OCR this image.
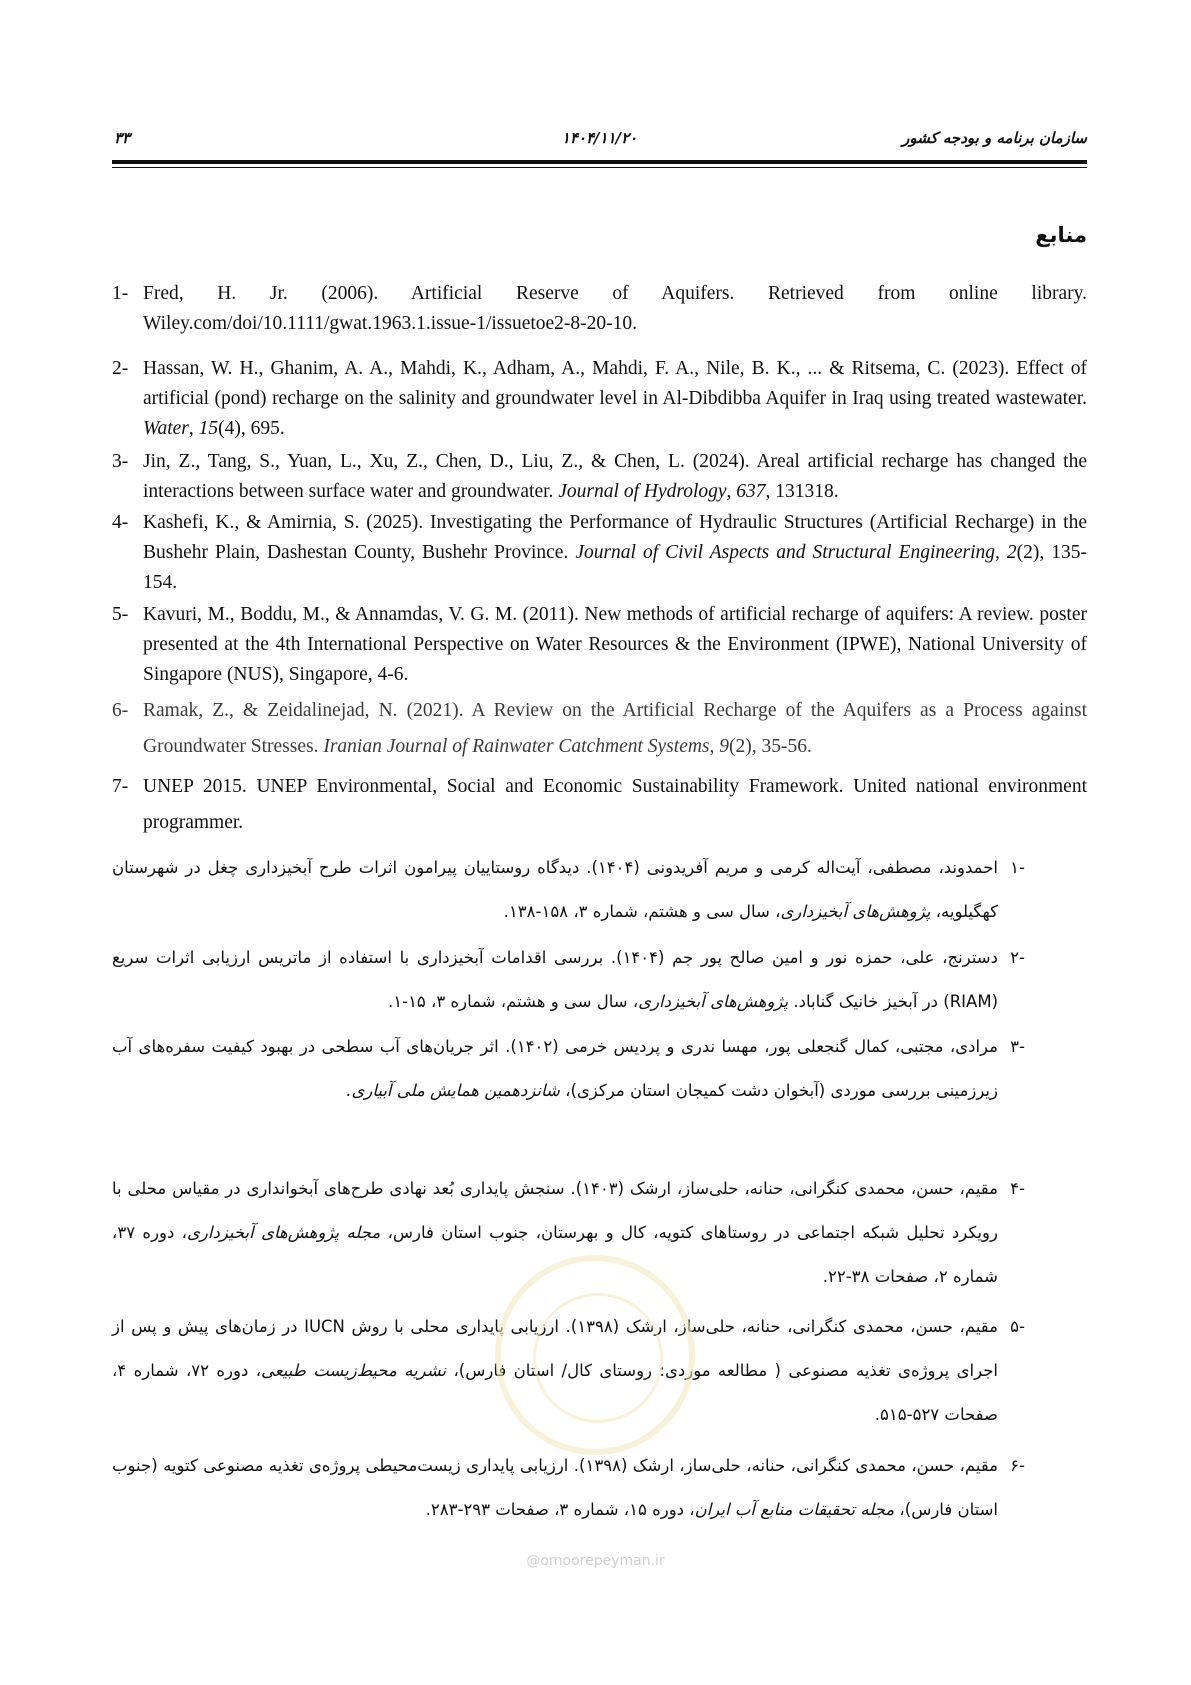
سازمان برنامه و بودجه کشور
۱۴۰۴/۱۱/۲۰
۳۳
منابع
1- Fred, H. Jr. (2006). Artificial Reserve of Aquifers. Retrieved from online library. Wiley.com/doi/10.1111/gwat.1963.1.issue-1/issuetoe2-8-20-10.
2- Hassan, W. H., Ghanim, A. A., Mahdi, K., Adham, A., Mahdi, F. A., Nile, B. K., ... & Ritsema, C. (2023). Effect of artificial (pond) recharge on the salinity and groundwater level in Al-Dibdibba Aquifer in Iraq using treated wastewater. Water, 15(4), 695.
3- Jin, Z., Tang, S., Yuan, L., Xu, Z., Chen, D., Liu, Z., & Chen, L. (2024). Areal artificial recharge has changed the interactions between surface water and groundwater. Journal of Hydrology, 637, 131318.
4- Kashefi, K., & Amirnia, S. (2025). Investigating the Performance of Hydraulic Structures (Artificial Recharge) in the Bushehr Plain, Dashestan County, Bushehr Province. Journal of Civil Aspects and Structural Engineering, 2(2), 135-154.
5- Kavuri, M., Boddu, M., & Annamdas, V. G. M. (2011). New methods of artificial recharge of aquifers: A review. poster presented at the 4th International Perspective on Water Resources & the Environment (IPWE), National University of Singapore (NUS), Singapore, 4-6.
6- Ramak, Z., & Zeidalinejad, N. (2021). A Review on the Artificial Recharge of the Aquifers as a Process against Groundwater Stresses. Iranian Journal of Rainwater Catchment Systems, 9(2), 35-56.
7- UNEP 2015. UNEP Environmental, Social and Economic Sustainability Framework. United national environment programmer.
-۱
احمدوند، مصطفی، آیت‌اله کرمی و مریم آفریدونی (۱۴۰۴). دیدگاه روستاییان پیرامون اثرات طرح آبخیزداری چغل در شهرستان کهگیلویه، پژوهش‌های آبخیزداری، سال سی و هشتم، شماره ۳، ۱۵۸-۱۳۸.
-۲
دسترنج، علی، حمزه نور و امین صالح پور جم (۱۴۰۴). بررسی اقدامات آبخیزداری با استفاده از ماتریس ارزیابی اثرات سریع (RIAM) در آبخیز خانیک گناباد. پژوهش‌های آبخیزداری، سال سی و هشتم، شماره ۳، ۱۵-۱.
-۳
مرادی، مجتبی، کمال گنجعلی پور، مهسا ندری و پردیس خرمی (۱۴۰۲). اثر جریان‌های آب سطحی در بهبود کیفیت سفره‌های آب زیرزمینی بررسی موردی (آبخوان دشت کمیجان استان مرکزی)، شانزدهمین همایش ملی آبیاری.
-۴
مقیم، حسن، محمدی کنگرانی، حنانه، حلی‌ساز، ارشک (۱۴۰۳). سنجش پایداری بُعد نهادی طرح‌های آبخوانداری در مقیاس محلی با رویکرد تحلیل شبکه اجتماعی در روستاهای کتویه، کال و بهرستان، جنوب استان فارس، مجله پژوهش‌های آبخیزداری، دوره ۳۷، شماره ۲، صفحات ۳۸-۲۲.
-۵
مقیم، حسن، محمدی کنگرانی، حنانه، حلی‌ساز، ارشک (۱۳۹۸). ارزیابی پایداری محلی با روش IUCN در زمان‌های پیش و پس از اجرای پروژه‌ی تغذیه مصنوعی ( مطالعه موردی: روستای کال/ استان فارس)، نشریه محیط‌زیست طبیعی، دوره ۷۲، شماره ۴، صفحات ۵۲۷-۵۱۵.
-۶
مقیم، حسن، محمدی کنگرانی، حنانه، حلی‌ساز، ارشک (۱۳۹۸). ارزیابی پایداری زیست‌محیطی پروژه‌ی تغذیه مصنوعی کتویه (جنوب استان فارس)، مجله تحقیقات منابع آب ایران، دوره ۱۵، شماره ۳، صفحات ۲۹۳-۲۸۳.
@omoorepeyman.ir
